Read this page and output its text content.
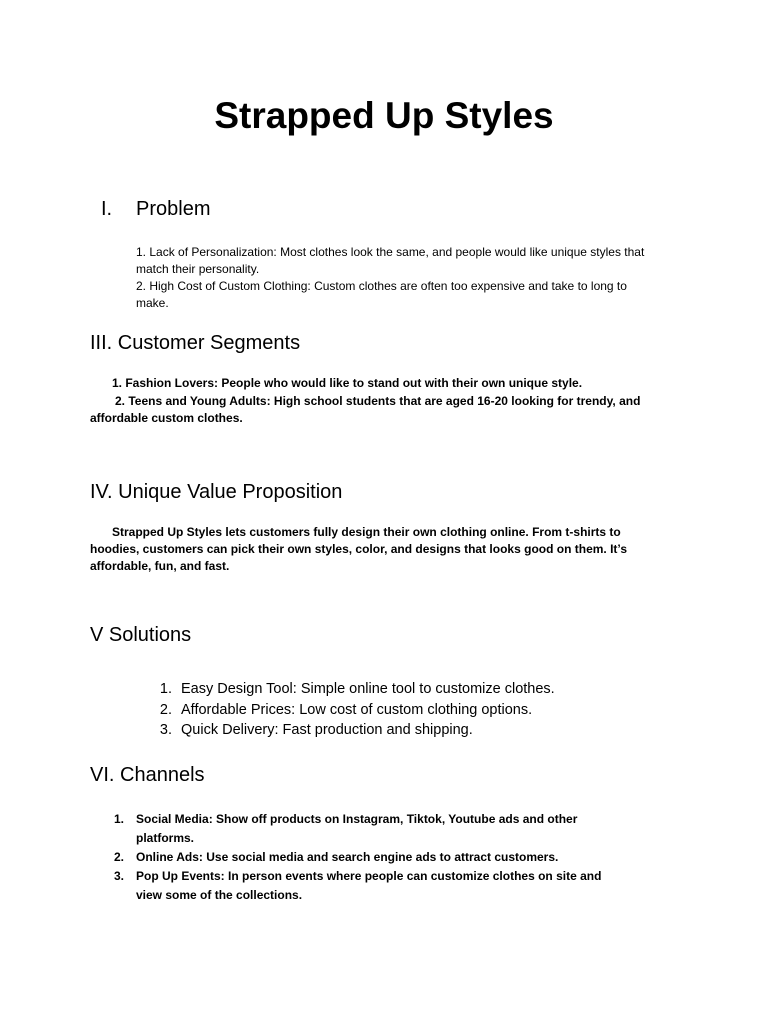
Strapped Up Styles
I. Problem
1. Lack of Personalization: Most clothes look the same, and people would like unique styles that
match their personality.
2. High Cost of Custom Clothing: Custom clothes are often too expensive and take to long to
make.
III. Customer Segments
1. Fashion Lovers: People who would like to stand out with their own unique style.
2. Teens and Young Adults: High school students that are aged 16-20 looking for trendy, and
affordable custom clothes.
IV. Unique Value Proposition
Strapped Up Styles lets customers fully design their own clothing online. From t-shirts to
hoodies, customers can pick their own styles, color, and designs that looks good on them. It’s
affordable, fun, and fast.
V Solutions
1. Easy Design Tool: Simple online tool to customize clothes.
2. Affordable Prices: Low cost of custom clothing options.
3. Quick Delivery: Fast production and shipping.
VI. Channels
1. Social Media: Show off products on Instagram, Tiktok, Youtube ads and other
platforms.
2. Online Ads: Use social media and search engine ads to attract customers.
3. Pop Up Events: In person events where people can customize clothes on site and
view some of the collections.
